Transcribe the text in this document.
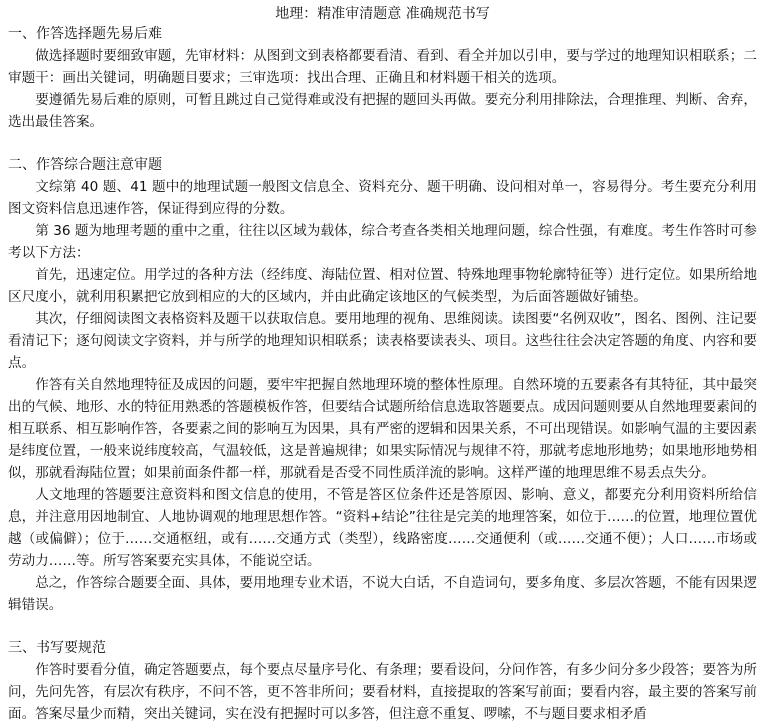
地理：精准审清题意 准确规范书写
一、作答选择题先易后难

做选择题时要细致审题，先审材料：从图到文到表格都要看清、看到、看全并加以引申，要与学过的地理知识相联系；二审题干：画出关键词，明确题目要求；三审选项：找出合理、正确且和材料题干相关的选项。

要遵循先易后难的原则，可暂且跳过自己觉得难或没有把握的题回头再做。要充分利用排除法，合理推理、判断、舍弃，选出最佳答案。

二、作答综合题注意审题

文综第 40 题、41 题中的地理试题一般图文信息全、资料充分、题干明确、设问相对单一，容易得分。考生要充分利用图文资料信息迅速作答，保证得到应得的分数。

第 36 题为地理考题的重中之重，往往以区域为载体，综合考查各类相关地理问题，综合性强，有难度。考生作答时可参考以下方法：

首先，迅速定位。用学过的各种方法（经纬度、海陆位置、相对位置、特殊地理事物轮廓特征等）进行定位。如果所给地区尺度小，就利用积累把它放到相应的大的区域内，并由此确定该地区的气候类型，为后面答题做好铺垫。

其次，仔细阅读图文表格资料及题干以获取信息。要用地理的视角、思维阅读。读图要“名例双收”，图名、图例、注记要看清记下；逐句阅读文字资料，并与所学的地理知识相联系；读表格要读表头、项目。这些往往会决定答题的角度、内容和要点。

作答有关自然地理特征及成因的问题，要牢牢把握自然地理环境的整体性原理。自然环境的五要素各有其特征，其中最突出的气候、地形、水的特征用熟悉的答题模板作答，但要结合试题所给信息选取答题要点。成因问题则要从自然地理要素间的相互联系、相互影响作答，各要素之间的影响互为因果，具有严密的逻辑和因果关系，不可出现错误。如影响气温的主要因素是纬度位置，一般来说纬度较高，气温较低，这是普遍规律；如果实际情况与规律不符，那就考虑地形地势；如果地形地势相似，那就看海陆位置；如果前面条件都一样，那就看是否受不同性质洋流的影响。这样严谨的地理思维不易丢点失分。

人文地理的答题要注意资料和图文信息的使用，不管是答区位条件还是答原因、影响、意义，都要充分利用资料所给信息，并注意用因地制宜、人地协调观的地理思想作答。“资料+结论”往往是完美的地理答案，如位于……的位置，地理位置优越（或偏僻）；位于……交通枢纽，或有……交通方式（类型），线路密度……交通便利（或……交通不便）；人口……市场或劳动力……等。所写答案要充实具体，不能说空话。

总之，作答综合题要全面、具体，要用地理专业术语，不说大白话，不自造词句，要多角度、多层次答题，不能有因果逻辑错误。

三、书写要规范

作答时要看分值，确定答题要点，每个要点尽量序号化、有条理；要看设问，分问作答，有多少问分多少段答；要答为所问，先问先答，有层次有秩序，不问不答，更不答非所问；要看材料，直接提取的答案写前面；要看内容，最主要的答案写前面。答案尽量少而精，突出关键词，实在没有把握时可以多答，但注意不重复、啰嗦，不与题目要求相矛盾
